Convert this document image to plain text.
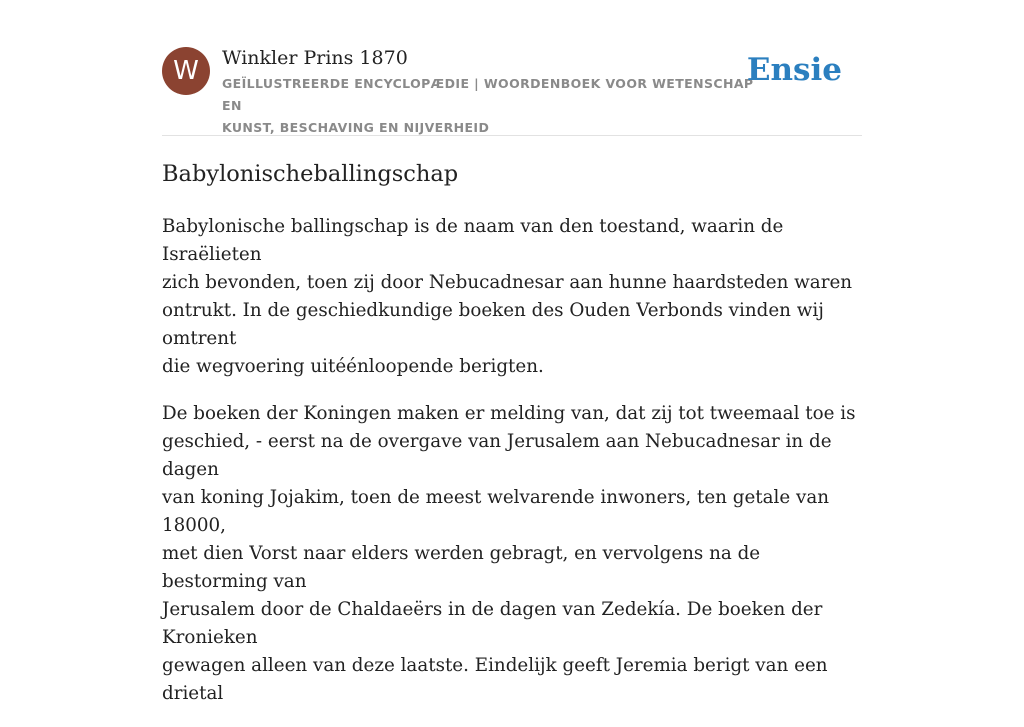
W	Winkler Prins 1870
GEÏLLUSTREERDE ENCYCLOPÆDIE | WOORDENBOEK VOOR WETENSCHAP EN
KUNST, BESCHAVING EN NIJVERHEID
Ensie
Babylonischeballingschap

Babylonische ballingschap is de naam van den toestand, waarin de Israëlieten
zich bevonden, toen zij door Nebucadnesar aan hunne haardsteden waren
ontrukt. In de geschiedkundige boeken des Ouden Verbonds vinden wij omtrent
die wegvoering uitéénloopende berigten.

De boeken der Koningen maken er melding van, dat zij tot tweemaal toe is
geschied, - eerst na de overgave van Jerusalem aan Nebucadnesar in de dagen
van koning Jojakim, toen de meest welvarende inwoners, ten getale van 18000,
met dien Vorst naar elders werden gebragt, en vervolgens na de bestorming van
Jerusalem door de Chaldaeërs in de dagen van Zedekía. De boeken der Kronieken
gewagen alleen van deze laatste. Eindelijk geeft Jeremia berigt van een drietal
